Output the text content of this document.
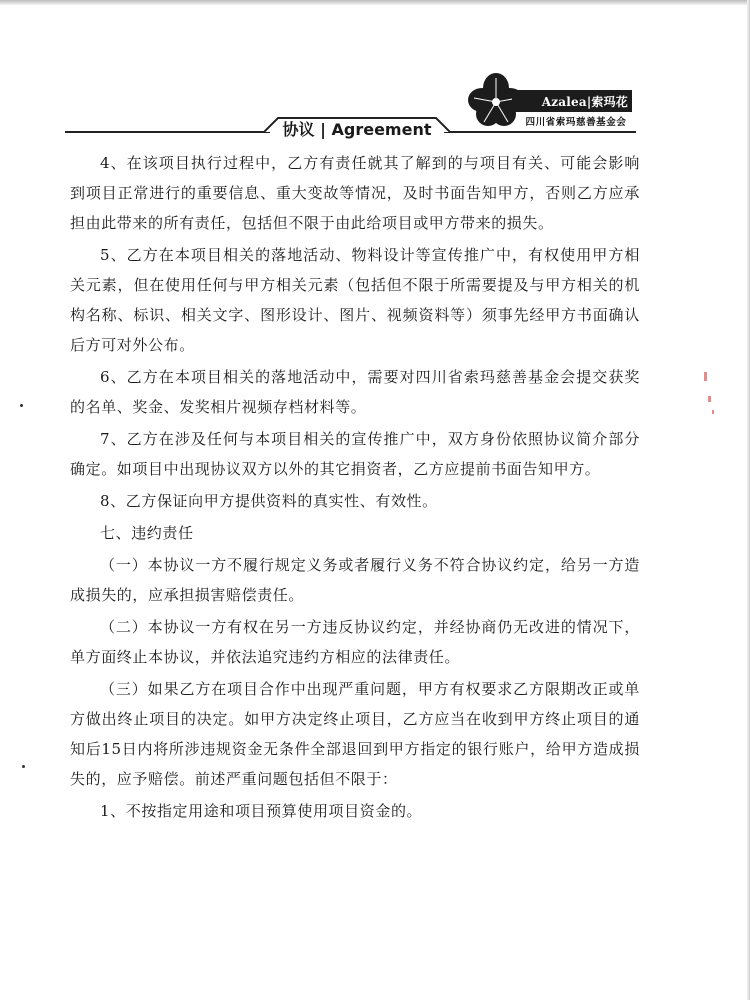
Azalea|索玛花
四川省索玛慈善基金会
协议 | Agreement

4、在该项目执行过程中，乙方有责任就其了解到的与项目有关、可能会影响到项目正常进行的重要信息、重大变故等情况，及时书面告知甲方，否则乙方应承担由此带来的所有责任，包括但不限于由此给项目或甲方带来的损失。

5、乙方在本项目相关的落地活动、物料设计等宣传推广中，有权使用甲方相关元素，但在使用任何与甲方相关元素（包括但不限于所需要提及与甲方相关的机构名称、标识、相关文字、图形设计、图片、视频资料等）须事先经甲方书面确认后方可对外公布。

6、乙方在本项目相关的落地活动中，需要对四川省索玛慈善基金会提交获奖的名单、奖金、发奖相片视频存档材料等。

7、乙方在涉及任何与本项目相关的宣传推广中，双方身份依照协议简介部分确定。如项目中出现协议双方以外的其它捐资者，乙方应提前书面告知甲方。

8、乙方保证向甲方提供资料的真实性、有效性。

七、违约责任

（一）本协议一方不履行规定义务或者履行义务不符合协议约定，给另一方造成损失的，应承担损害赔偿责任。

（二）本协议一方有权在另一方违反协议约定，并经协商仍无改进的情况下，单方面终止本协议，并依法追究违约方相应的法律责任。

（三）如果乙方在项目合作中出现严重问题，甲方有权要求乙方限期改正或单方做出终止项目的决定。如甲方决定终止项目，乙方应当在收到甲方终止项目的通知后15日内将所涉违规资金无条件全部退回到甲方指定的银行账户，给甲方造成损失的，应予赔偿。前述严重问题包括但不限于：

1、不按指定用途和项目预算使用项目资金的。
